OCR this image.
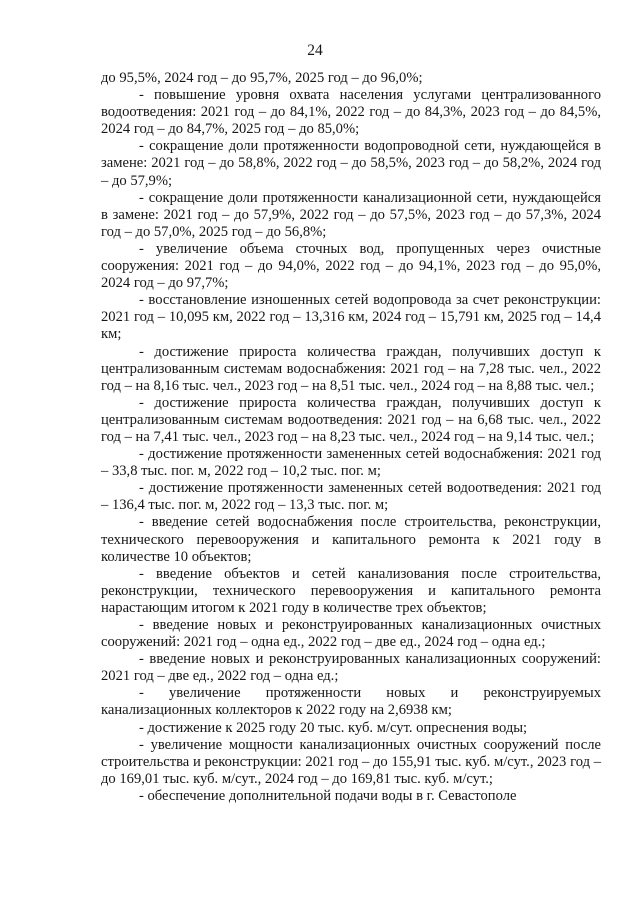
24

до 95,5%, 2024 год – до 95,7%, 2025 год – до 96,0%;

- повышение уровня охвата населения услугами централизованного водоотведения: 2021 год – до 84,1%, 2022 год – до 84,3%, 2023 год – до 84,5%, 2024 год – до 84,7%, 2025 год – до 85,0%;

- сокращение доли протяженности водопроводной сети, нуждающейся в замене: 2021 год – до 58,8%, 2022 год – до 58,5%, 2023 год – до 58,2%, 2024 год – до 57,9%;

- сокращение доли протяженности канализационной сети, нуждающейся в замене: 2021 год – до 57,9%, 2022 год – до 57,5%, 2023 год – до 57,3%, 2024 год – до 57,0%, 2025 год – до 56,8%;

- увеличение объема сточных вод, пропущенных через очистные сооружения: 2021 год – до 94,0%, 2022 год – до 94,1%, 2023 год – до 95,0%, 2024 год – до 97,7%;

- восстановление изношенных сетей водопровода за счет реконструкции: 2021 год – 10,095 км, 2022 год – 13,316 км, 2024 год – 15,791 км, 2025 год – 14,4 км;

- достижение прироста количества граждан, получивших доступ к централизованным системам водоснабжения: 2021 год – на 7,28 тыс. чел., 2022 год – на 8,16 тыс. чел., 2023 год – на 8,51 тыс. чел., 2024 год – на 8,88 тыс. чел.;

- достижение прироста количества граждан, получивших доступ к централизованным системам водоотведения: 2021 год – на 6,68 тыс. чел., 2022 год – на 7,41 тыс. чел., 2023 год – на 8,23 тыс. чел., 2024 год – на 9,14 тыс. чел.;

- достижение протяженности замененных сетей водоснабжения: 2021 год – 33,8 тыс. пог. м, 2022 год – 10,2 тыс. пог. м;

- достижение протяженности замененных сетей водоотведения: 2021 год – 136,4 тыс. пог. м, 2022 год – 13,3 тыс. пог. м;

- введение сетей водоснабжения после строительства, реконструкции, технического перевооружения и капитального ремонта к 2021 году в количестве 10 объектов;

- введение объектов и сетей канализования после строительства, реконструкции, технического перевооружения и капитального ремонта нарастающим итогом к 2021 году в количестве трех объектов;

- введение новых и реконструированных канализационных очистных сооружений: 2021 год – одна ед., 2022 год – две ед., 2024 год – одна ед.;

- введение новых и реконструированных канализационных сооружений: 2021 год – две ед., 2022 год – одна ед.;

- увеличение протяженности новых и реконструируемых канализационных коллекторов к 2022 году на 2,6938 км;

- достижение к 2025 году 20 тыс. куб. м/сут. опреснения воды;

- увеличение мощности канализационных очистных сооружений после строительства и реконструкции: 2021 год – до 155,91 тыс. куб. м/сут., 2023 год – до 169,01 тыс. куб. м/сут., 2024 год – до 169,81 тыс. куб. м/сут.;

- обеспечение дополнительной подачи воды в г. Севастополе
